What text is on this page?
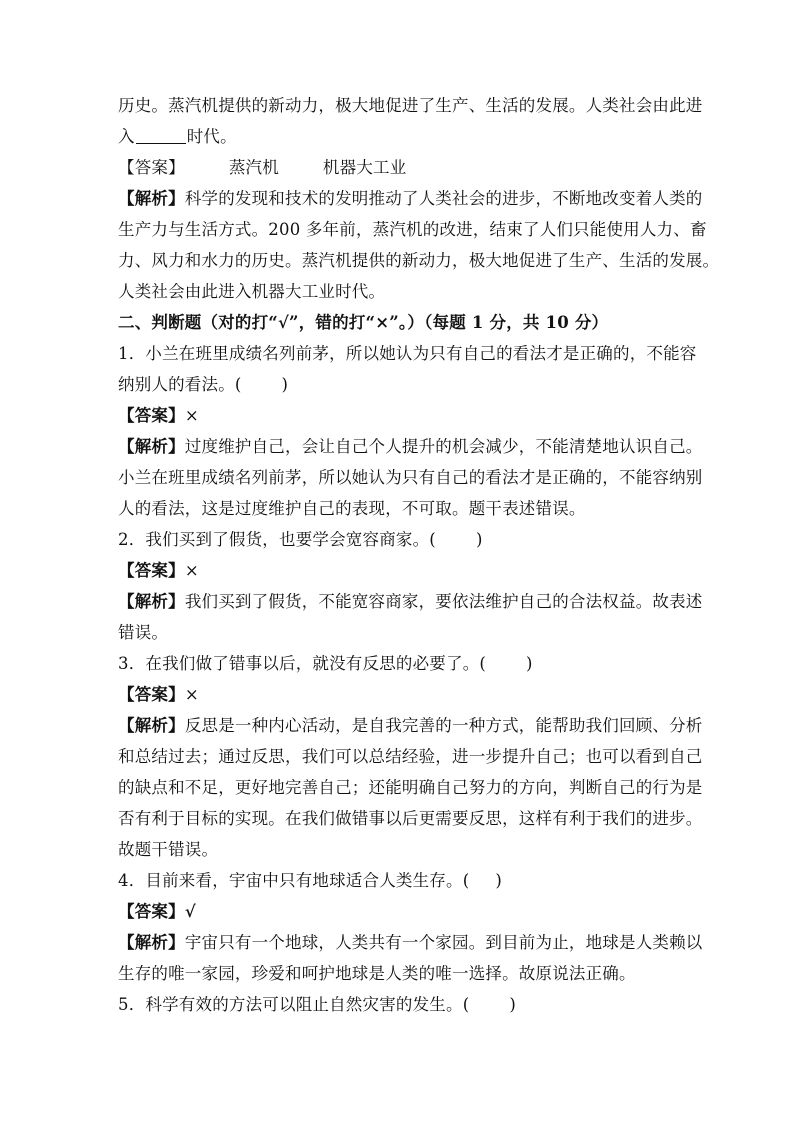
历史。蒸汽机提供的新动力，极大地促进了生产、生活的发展。人类社会由此进
入	时代。
【答案】	蒸汽机	机器大工业
【解析】科学的发现和技术的发明推动了人类社会的进步，不断地改变着人类的
生产力与生活方式。200 多年前，蒸汽机的改进，结束了人们只能使用人力、畜
力、风力和水力的历史。蒸汽机提供的新动力，极大地促进了生产、生活的发展。
人类社会由此进入机器大工业时代。
二、判断题（对的打“√”，错的打“×”。）（每题 1 分，共 10 分）
1．小兰在班里成绩名列前茅，所以她认为只有自己的看法才是正确的，不能容
纳别人的看法。( )
【答案】×
【解析】过度维护自己，会让自己个人提升的机会减少，不能清楚地认识自己。
小兰在班里成绩名列前茅，所以她认为只有自己的看法才是正确的，不能容纳别
人的看法，这是过度维护自己的表现，不可取。题干表述错误。
2．我们买到了假货，也要学会宽容商家。( )
【答案】×
【解析】我们买到了假货，不能宽容商家，要依法维护自己的合法权益。故表述
错误。
3．在我们做了错事以后，就没有反思的必要了。( )
【答案】×
【解析】反思是一种内心活动，是自我完善的一种方式，能帮助我们回顾、分析
和总结过去；通过反思，我们可以总结经验，进一步提升自己；也可以看到自己
的缺点和不足，更好地完善自己；还能明确自己努力的方向，判断自己的行为是
否有利于目标的实现。在我们做错事以后更需要反思，这样有利于我们的进步。
故题干错误。
4．目前来看，宇宙中只有地球适合人类生存。( )
【答案】√
【解析】宇宙只有一个地球，人类共有一个家园。到目前为止，地球是人类赖以
生存的唯一家园，珍爱和呵护地球是人类的唯一选择。故原说法正确。
5．科学有效的方法可以阻止自然灾害的发生。( )
